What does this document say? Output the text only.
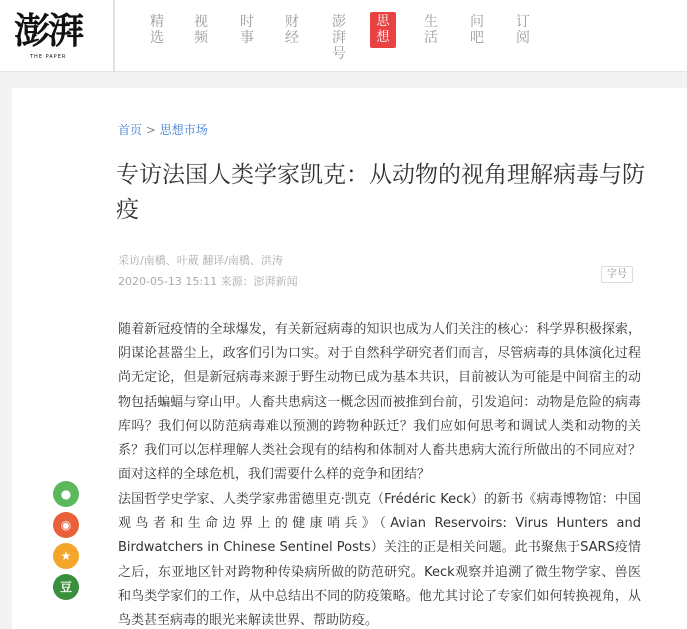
澎湃
THE PAPER
精
选
视
频
时
事
财
经
澎
湃
号
思
想
生
活
问
吧
订
阅
首页 > 思想市场
专访法国人类学家凯克：从动物的视角理解病毒与防疫
采访/南橋、叶葳 翻译/南橋、洪涛
2020-05-13 15:11 来源：澎湃新闻
字号

随着新冠疫情的全球爆发，有关新冠病毒的知识也成为人们关注的核心：科学界积极探索，阴谋论甚嚣尘上，政客们引为口实。对于自然科学研究者们而言，尽管病毒的具体演化过程尚无定论，但是新冠病毒来源于野生动物已成为基本共识，目前被认为可能是中间宿主的动物包括蝙蝠与穿山甲。人畜共患病这一概念因而被推到台前，引发追问：动物是危险的病毒库吗？我们何以防范病毒难以预测的跨物种跃迁？我们应如何思考和调试人类和动物的关系？我们可以怎样理解人类社会现有的结构和体制对人畜共患病大流行所做出的不同应对？面对这样的全球危机，我们需要什么样的竞争和团结？

法国哲学史学家、人类学家弗雷德里克·凯克（Frédéric Keck）的新书《病毒博物馆：中国观鸟者和生命边界上的健康哨兵》（Avian Reservoirs: Virus Hunters and Birdwatchers in Chinese Sentinel Posts）关注的正是相关问题。此书聚焦于SARS疫情之后，东亚地区针对跨物种传染病所做的防范研究。Keck观察并追溯了微生物学家、兽医和鸟类学家们的工作，从中总结出不同的防疫策略。他尤其讨论了专家们如何转换视角，从鸟类甚至病毒的眼光来解读世界、帮助防疫。

●
◉
★
豆
